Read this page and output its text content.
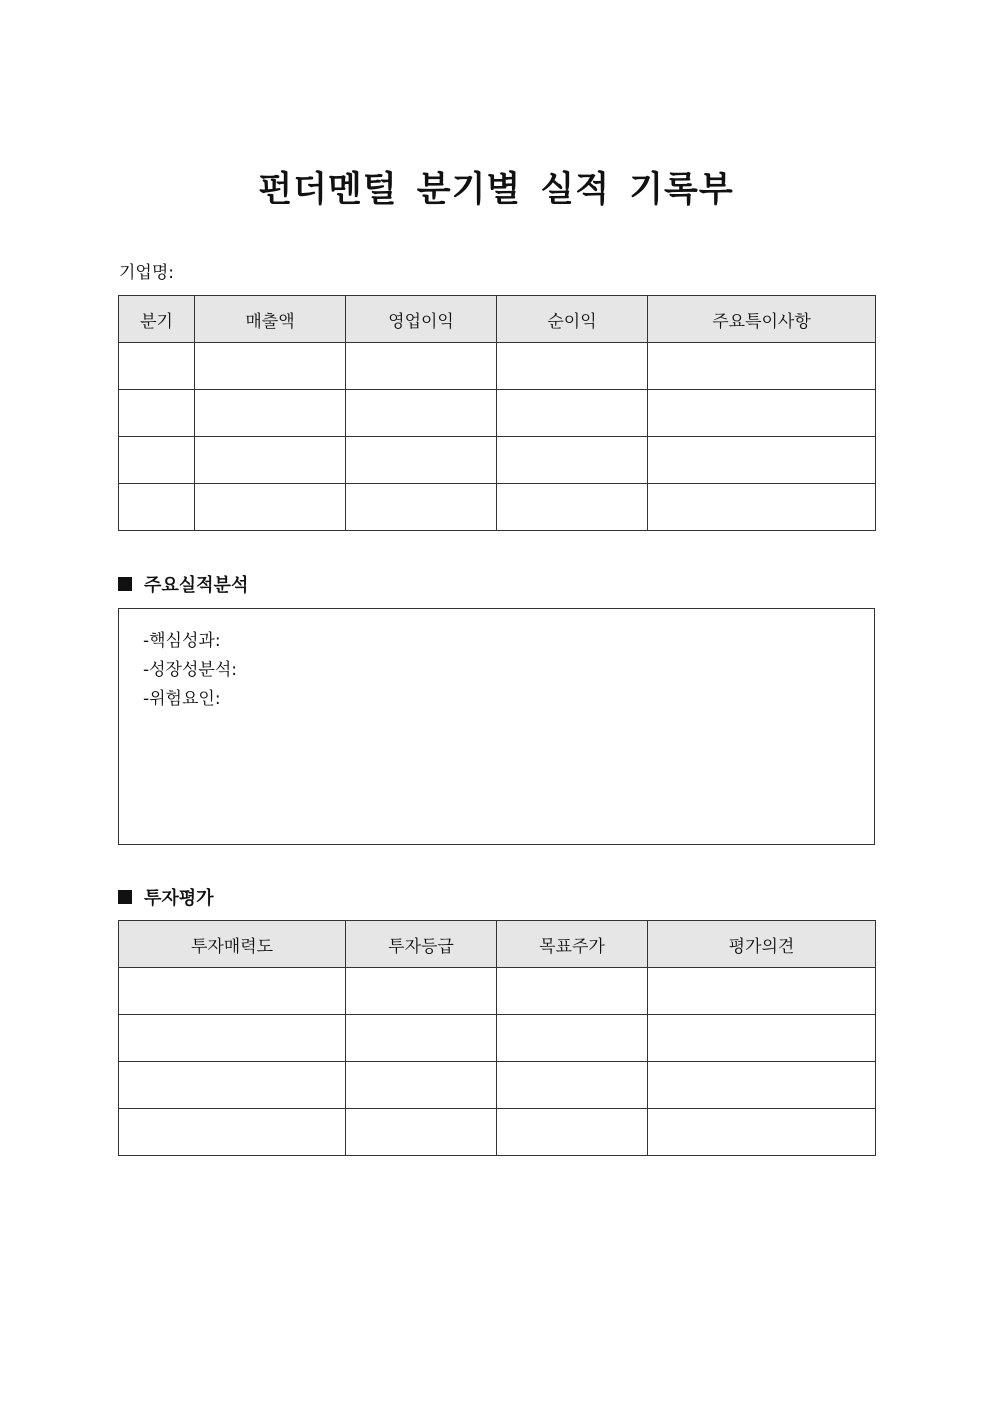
펀더멘털 분기별 실적 기록부
기업명:
분기	매출액	영업이익	순이익	주요특이사항

주요실적분석
-핵심성과:
-성장성분석:
-위험요인:
투자평가
투자매력도	투자등급	목표주가	평가의견
